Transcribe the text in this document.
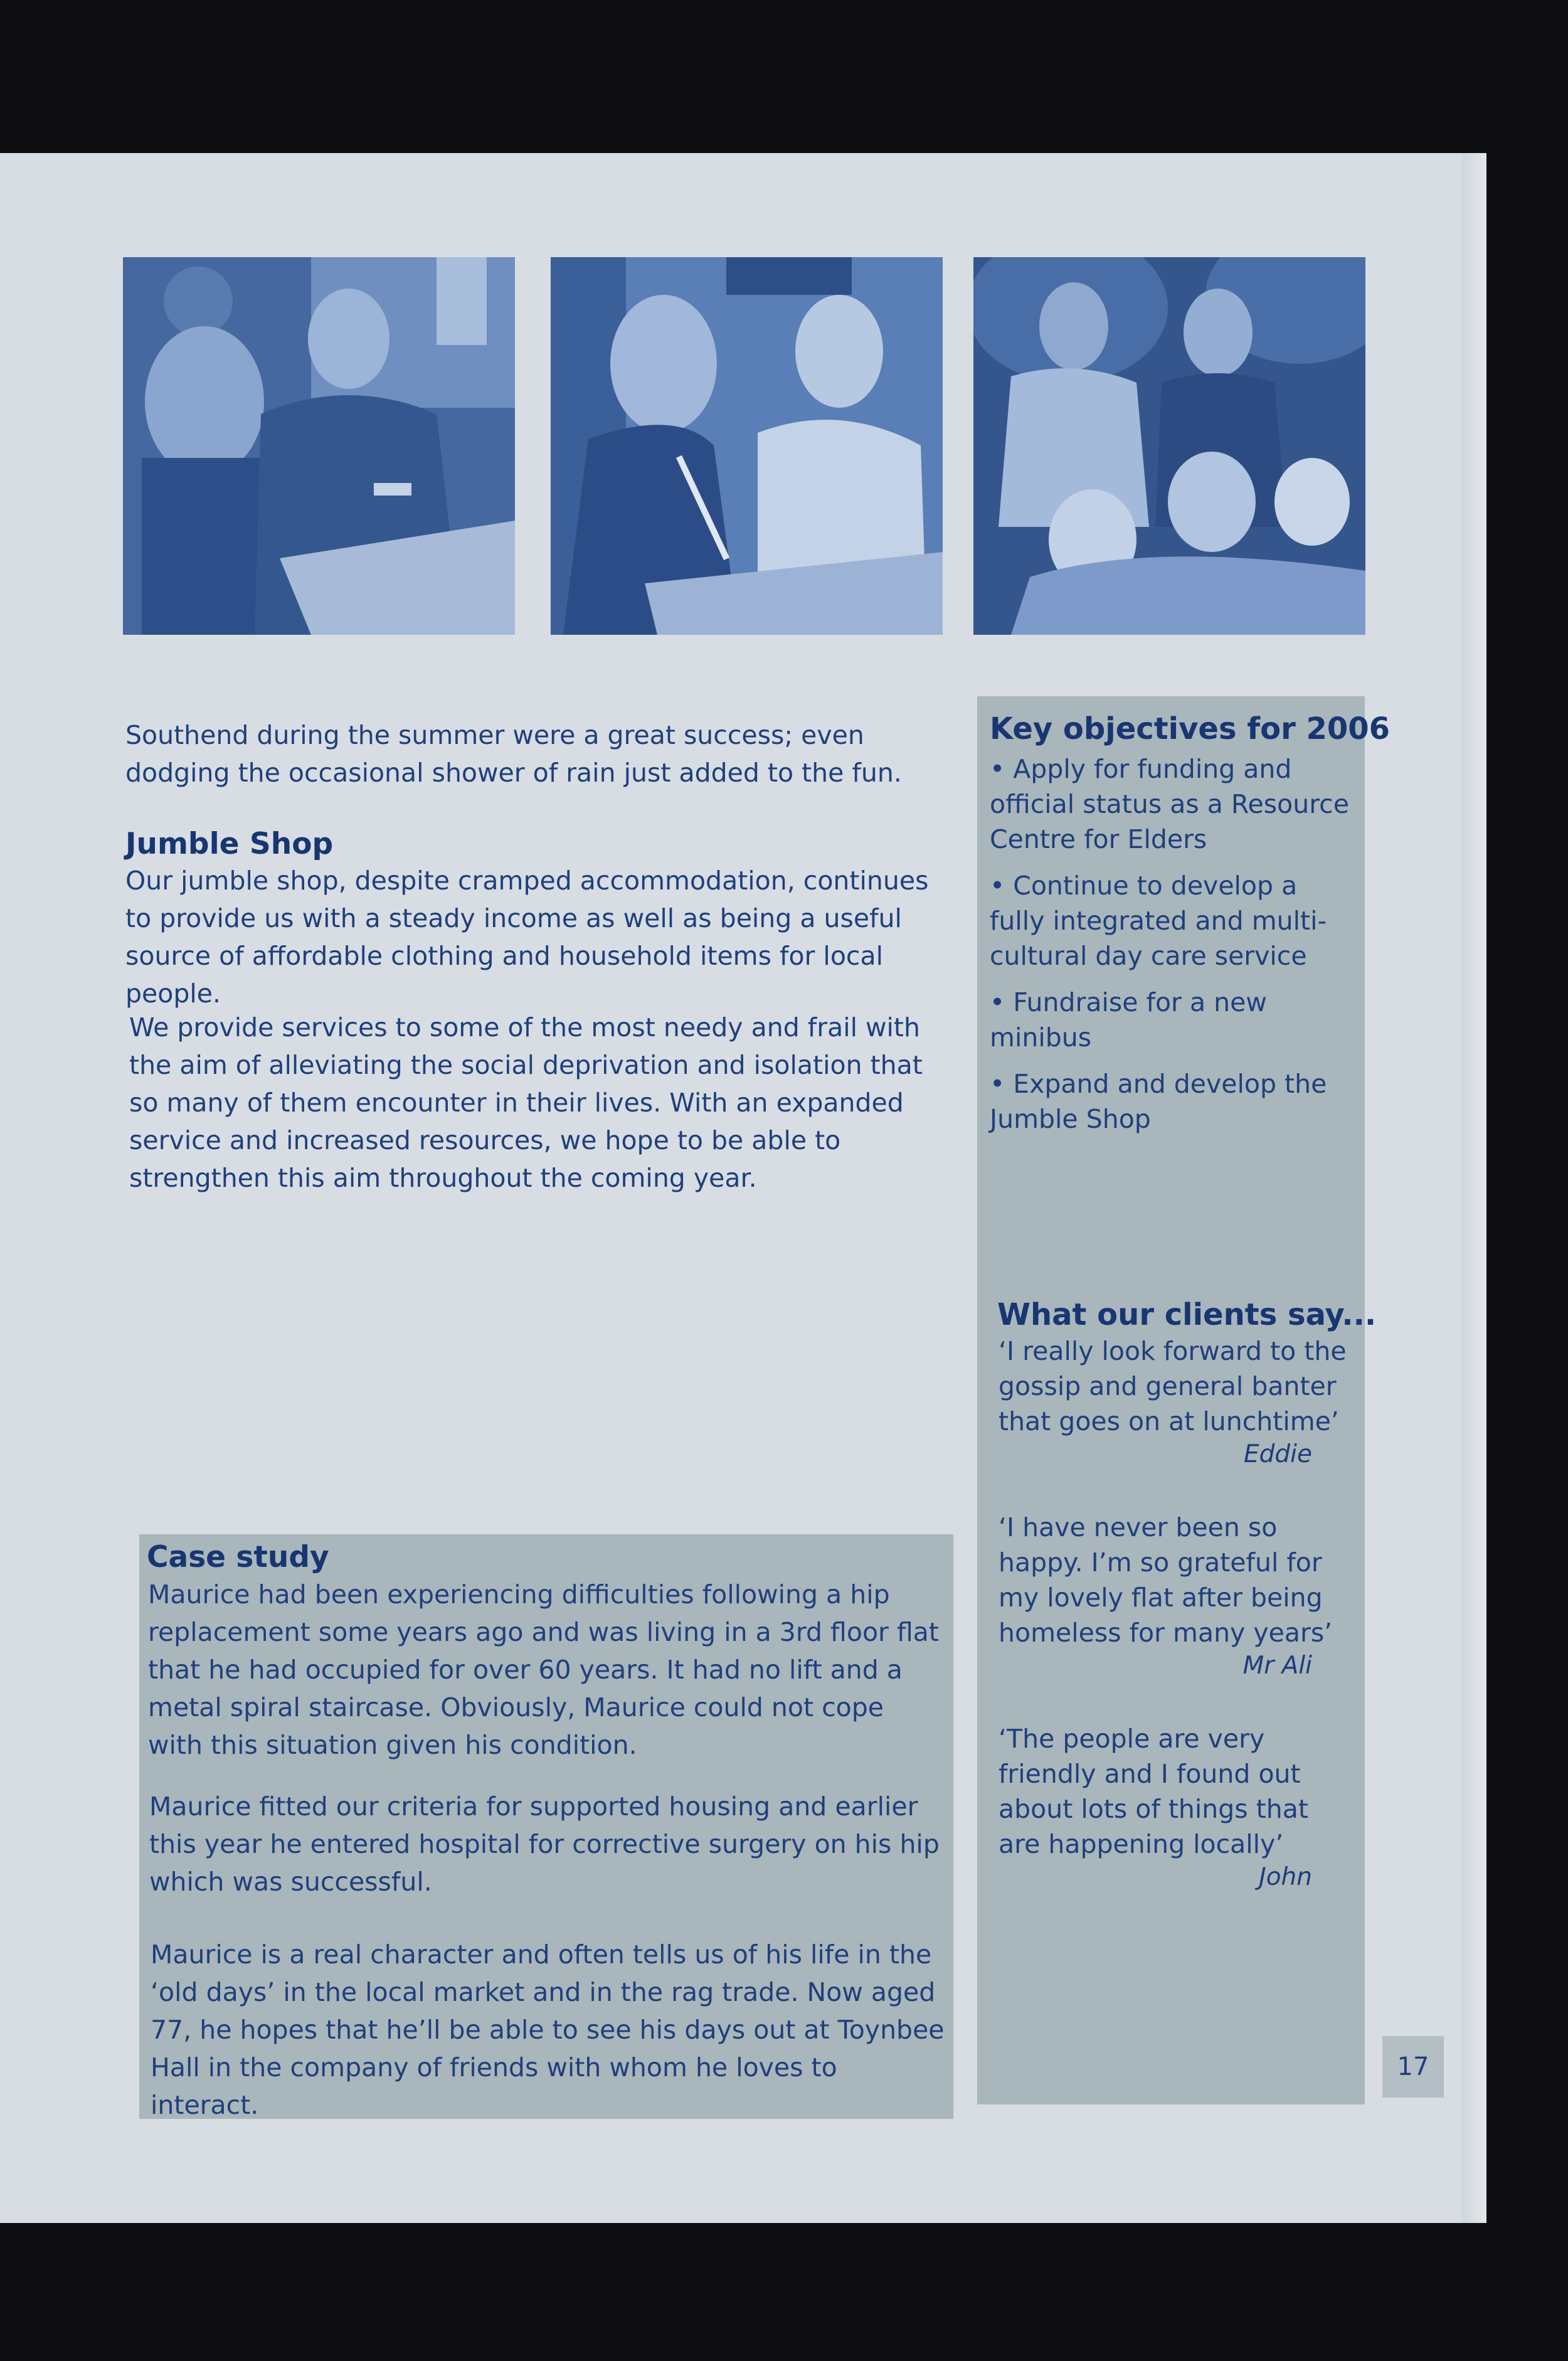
Southend during the summer were a great success; even dodging the occasional shower of rain just added to the fun.
Jumble Shop
Our jumble shop, despite cramped accommodation, continues to provide us with a steady income as well as being a useful source of affordable clothing and household items for local people.
We provide services to some of the most needy and frail with the aim of alleviating the social deprivation and isolation that so many of them encounter in their lives. With an expanded service and increased resources, we hope to be able to strengthen this aim throughout the coming year.
Case study
Maurice had been experiencing difficulties following a hip replacement some years ago and was living in a 3rd floor flat that he had occupied for over 60 years. It had no lift and a metal spiral staircase. Obviously, Maurice could not cope with this situation given his condition.
Maurice fitted our criteria for supported housing and earlier this year he entered hospital for corrective surgery on his hip which was successful.
Maurice is a real character and often tells us of his life in the ‘old days’ in the local market and in the rag trade. Now aged 77, he hopes that he’ll be able to see his days out at Toynbee Hall in the company of friends with whom he loves to interact.
Key objectives for 2006

• Apply for funding and official status as a Resource Centre for Elders

• Continue to develop a fully integrated and multi-cultural day care service

• Fundraise for a new minibus

• Expand and develop the Jumble Shop

What our clients say...

‘I really look forward to the gossip and general banter that goes on at lunchtime’

Eddie

‘I have never been so happy. I’m so grateful for my lovely flat after being homeless for many years’

Mr Ali

‘The people are very friendly and I found out about lots of things that are happening locally’

John

17
